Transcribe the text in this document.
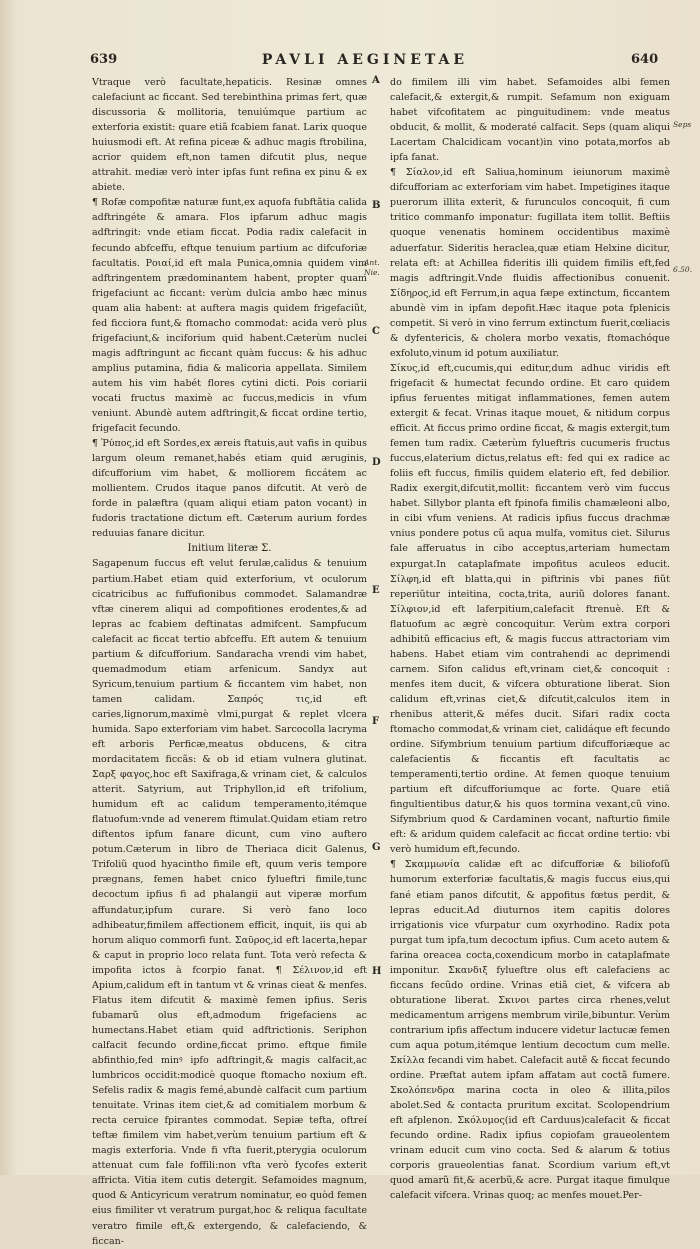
639	PAVLI AEGINETAE	640

Vtraque verò facultate,hepaticis. Resinæ omnes calefaciunt ac ficcant. Sed terebinthina primas fert, quæ discussoria & mollitoria, tenuiúmque partium ac exterforia existit: quare etiã fcabiem fanat. Larix quoque huiusmodi eft. At refina piceæ & adhuc magis ftrobilina, acrior quidem eft,non tamen difcutit plus, neque attrahit. mediæ verò inter ipfas funt refina ex pinu & ex abiete.

¶ Rofæ compofitæ naturæ funt,ex aquofa fubftãtia calida adftringéte & amara. Flos ipfarum adhuc magis adftringit: vnde etiam ficcat. Podia radix calefacit in fecundo abfceffu, eftque tenuium partium ac difcuforiæ facultatis. Ροιαί,id eft mala Punica,omnia quidem vim adftringentem prædominantem habent, propter quam frigefaciunt ac ficcant: verùm dulcia ambo hæc minus quam alia habent: at auftera magis quidem frigefaciũt, fed ficciora funt,& ftomacho commodat: acida verò plus frigefaciunt,& inciforium quid habent.Cæterùm nuclei magis adftringunt ac ficcant quàm fuccus: & his adhuc amplius putamina, fidia & malicoria appellata. Similem autem his vim habét flores cytini dicti. Pois coriarii vocati fructus maximè ac fuccus,medicis in vfum veniunt. Abundè autem adftringit,& ficcat ordine tertio, frigefacit fecundo.

¶ Ῥύπος,id eft Sordes,ex æreis ftatuis,aut vafis in quibus largum oleum remanet,habés etiam quid æruginis, difcufforium vim habet, & molliorem ficcátem ac mollientem. Crudos itaque panos difcutit. At verò de forde in palæftra (quam aliqui etiam paton vocant) in fudoris tractatione dictum eft. Cæterum aurium fordes reduuias fanare dicitur.

Initium literæ Σ.

Sagapenum fuccus eft velut ferulæ,calidus & tenuium partium.Habet etiam quid exterforium, vt oculorum cicatricibus ac fuffufionibus commodet. Salamandræ vftæ cinerem aliqui ad compofitiones erodentes,& ad lepras ac fcabiem deftinatas admifcent. Sampfucum calefacit ac ficcat tertio abfceffu. Eft autem & tenuium partium & difcufforium. Sandaracha vrendi vim habet, quemadmodum etiam arfenicum. Sandyx aut Syricum,tenuium partium & ficcantem vim habet, non tamen calidam. Σαπρός τις,id eft caries,lignorum,maximè vlmi,purgat & replet vlcera humida. Sapo exterforiam vim habet. Sarcocolla lacryma eft arboris Perficæ,meatus obducens, & citra mordacitatem ficcãs: & ob id etiam vulnera glutinat. Σαρξ φαγος,hoc eft Saxifraga,& vrinam ciet, & calculos atterit. Satyrium, aut Triphyllon,id eft trifolium, humidum eft ac calidum temperamento,itémque flatuofum:vnde ad venerem ftimulat.Quidam etiam retro diftentos ipfum fanare dicunt, cum vino auftero potum.Cæterum in libro de Theriaca dicit Galenus, Trifoliũ quod hyacintho fimile eft, quum veris tempore prægnans, femen habet cnico fylueftri fimile,tunc decoctum ipfius fi ad phalangii aut viperæ morfum affundatur,ipfum curare. Si verò fano loco adhibeatur,fimilem affectionem efficit, inquit, iis qui ab horum aliquo commorfi funt. Σαῦρος,id eft lacerta,hepar & caput in proprio loco relata funt. Tota verò refecta & impofita ictos à fcorpio fanat. ¶ Σέλινον,id eft Apium,calidum eft in tantum vt & vrinas cieat & menfes. Flatus item difcutit & maximè femen ipfius. Seris fubamarũ olus eft,admodum frigefaciens ac humectans.Habet etiam quid adftrictionis. Seriphon calfacit fecundo ordine,ficcat primo. eftque fimile abfinthio,fed minꝰ ipfo adftringit,& magis calfacit,ac lumbricos occidit:modicè quoque ftomacho noxium eft. Sefelis radix & magis femé,abundè calfacit cum partium tenuitate. Vrinas item ciet,& ad comitialem morbum & recta ceruice fpirantes commodat. Sepiæ tefta, oftreí teftæ fimilem vim habet,verùm tenuium partium eft & magis exterforia. Vnde fi vfta fuerit,pterygia oculorum attenuat cum fale foffili:non vfta verò fycofes exterit affricta. Vitia item cutis detergit. Sefamoides magnum, quod & Anticyricum veratrum nominatur, eo quòd femen eius fimiliter vt veratrum purgat,hoc & reliqua facultate veratro fimile eft,& extergendo, & calefaciendo, & ficcan-

A
B
C
D
E
F
G
H
Ant.
Nie.
Seps
6.50.

do fimilem illi vim habet. Sefamoides albi femen calefacit,& extergit,& rumpit. Sefamum non exiguam habet vifcofitatem ac pinguitudinem: vnde meatus obducit, & mollit, & moderaté calfacit. Seps (quam aliqui Lacertam Chalcidicam vocant)in vino potata,morfos ab ipfa fanat.

¶ Σίαλον,id eft Saliua,hominum ieiunorum maximè difcufforiam ac exterforiam vim habet. Impetigines itaque puerorum illita exterit, & furunculos concoquit, fi cum tritico commanfo imponatur: fugillata item tollit. Beftiis quoque venenatis hominem occidentibus maximè aduerfatur. Sideritis heraclea,quæ etiam Helxine dicitur, relata eft: at Achillea fideritis illi quidem fimilis eft,fed magis adftringit.Vnde fluidis affectionibus conuenit. Σίδηρος,id eft Ferrum,in aqua fæpe extinctum, ficcantem abundè vim in ipfam depofit.Hæc itaque pota fplenicis competit. Si verò in vino ferrum extinctum fuerit,cœliacis & dyfentericis, & cholera morbo vexatis, ftomachóque exfoluto,vinum id potum auxiliatur.

Σίκυς,id eft,cucumis,qui editur,dum adhuc viridis eft frigefacit & humectat fecundo ordine. Et caro quidem ipfius feruentes mitigat inflammationes, femen autem extergit & fecat. Vrinas itaque mouet, & nitidum corpus efficit. At ficcus primo ordine ficcat, & magis extergit,tum femen tum radix. Cæterùm fylueftris cucumeris fructus fuccus,elaterium dictus,relatus eft: fed qui ex radice ac foliis eft fuccus, fimilis quidem elaterio eft, fed debilior. Radix exergit,difcutit,mollit: ficcantem verò vim fuccus habet. Sillybor planta eft fpinofa fimilis chamæleoni albo, in cibi vfum veniens. At radicis ipfius fuccus drachmæ vnius pondere potus cũ aqua mulfa, vomitus ciet. Silurus fale afferuatus in cibo acceptus,arteriam humectam expurgat.In cataplafmate impofitus aculeos educit. Σίλφη,id eft blatta,qui in piftrinis vbi panes fiũt reperiũtur inteitina, cocta,trita, auriũ dolores fanant. Σίλφιον,id eft laferpitium,calefacit ftrenuè. Eft & flatuofum ac ægrè concoquitur. Verùm extra corpori adhibitũ efficacius eft, & magis fuccus attractoriam vim habens. Habet etiam vim contrahendi ac deprimendi carnem. Sifon calidus eft,vrinam ciet,& concoquit : menfes item ducit, & vifcera obturatione liberat. Sion calidum eft,vrinas ciet,& difcutit,calculos item in rhenibus atterit,& méfes ducit. Sifari radix cocta ftomacho commodat,& vrinam ciet, calidáque eft fecundo ordine. Sifymbrium tenuium partium difcufforiæque ac calefacientis & ficcantis eft facultatis ac temperamenti,tertio ordine. At femen quoque tenuium partium eft difcufforiumque ac forte. Quare etiã fingultientibus datur,& his quos tormina vexant,cũ vino. Sifymbrium quod & Cardaminen vocant, nafturtio fimile eft: & aridum quidem calefacit ac ficcat ordine tertio: vbi verò humidum eft,fecundo.

¶ Σκαμμωνία calidæ eft ac difcufforiæ & biliofoſũ humorum exterforiæ facultatis,& magis fuccus eius,qui fané etiam panos difcutit, & appofitus fœtus perdit, & lepras educit.Ad diuturnos item capitis dolores irrigationis vice vfurpatur cum oxyrhodino. Radix pota purgat tum ipfa,tum decoctum ipfius. Cum aceto autem & farina oreacea cocta,coxendicum morbo in cataplafmate imponitur. Σκανδιξ fylueftre olus eft calefaciens ac ficcans fecũdo ordine. Vrinas etiã ciet, & vifcera ab obturatione liberat. Σκινοι partes circa rhenes,velut medicamentum arrigens membrum virile,bibuntur. Verùm contrarium ipfis affectum inducere videtur lactucæ femen cum aqua potum,itémque lentium decoctum cum melle. Σκίλλα fecandi vim habet. Calefacit autẽ & ficcat fecundo ordine. Præftat autem ipfam affatam aut coctã fumere. Σκολόπενδρα marina cocta in oleo & illita,pilos abolet.Sed & contacta pruritum excitat. Scolopendrium eft afplenon. Σκόλυμος(id eft Carduus)calefacit & ficcat fecundo ordine. Radix ipfius copiofam graueolentem vrinam educit cum vino cocta. Sed & alarum & totius corporis graueolentias fanat. Scordium varium eft,vt quod amarũ fit,& acerbũ,& acre. Purgat itaque fimulque calefacit vifcera. Vrinas quoq; ac menfes mouet.Per-
